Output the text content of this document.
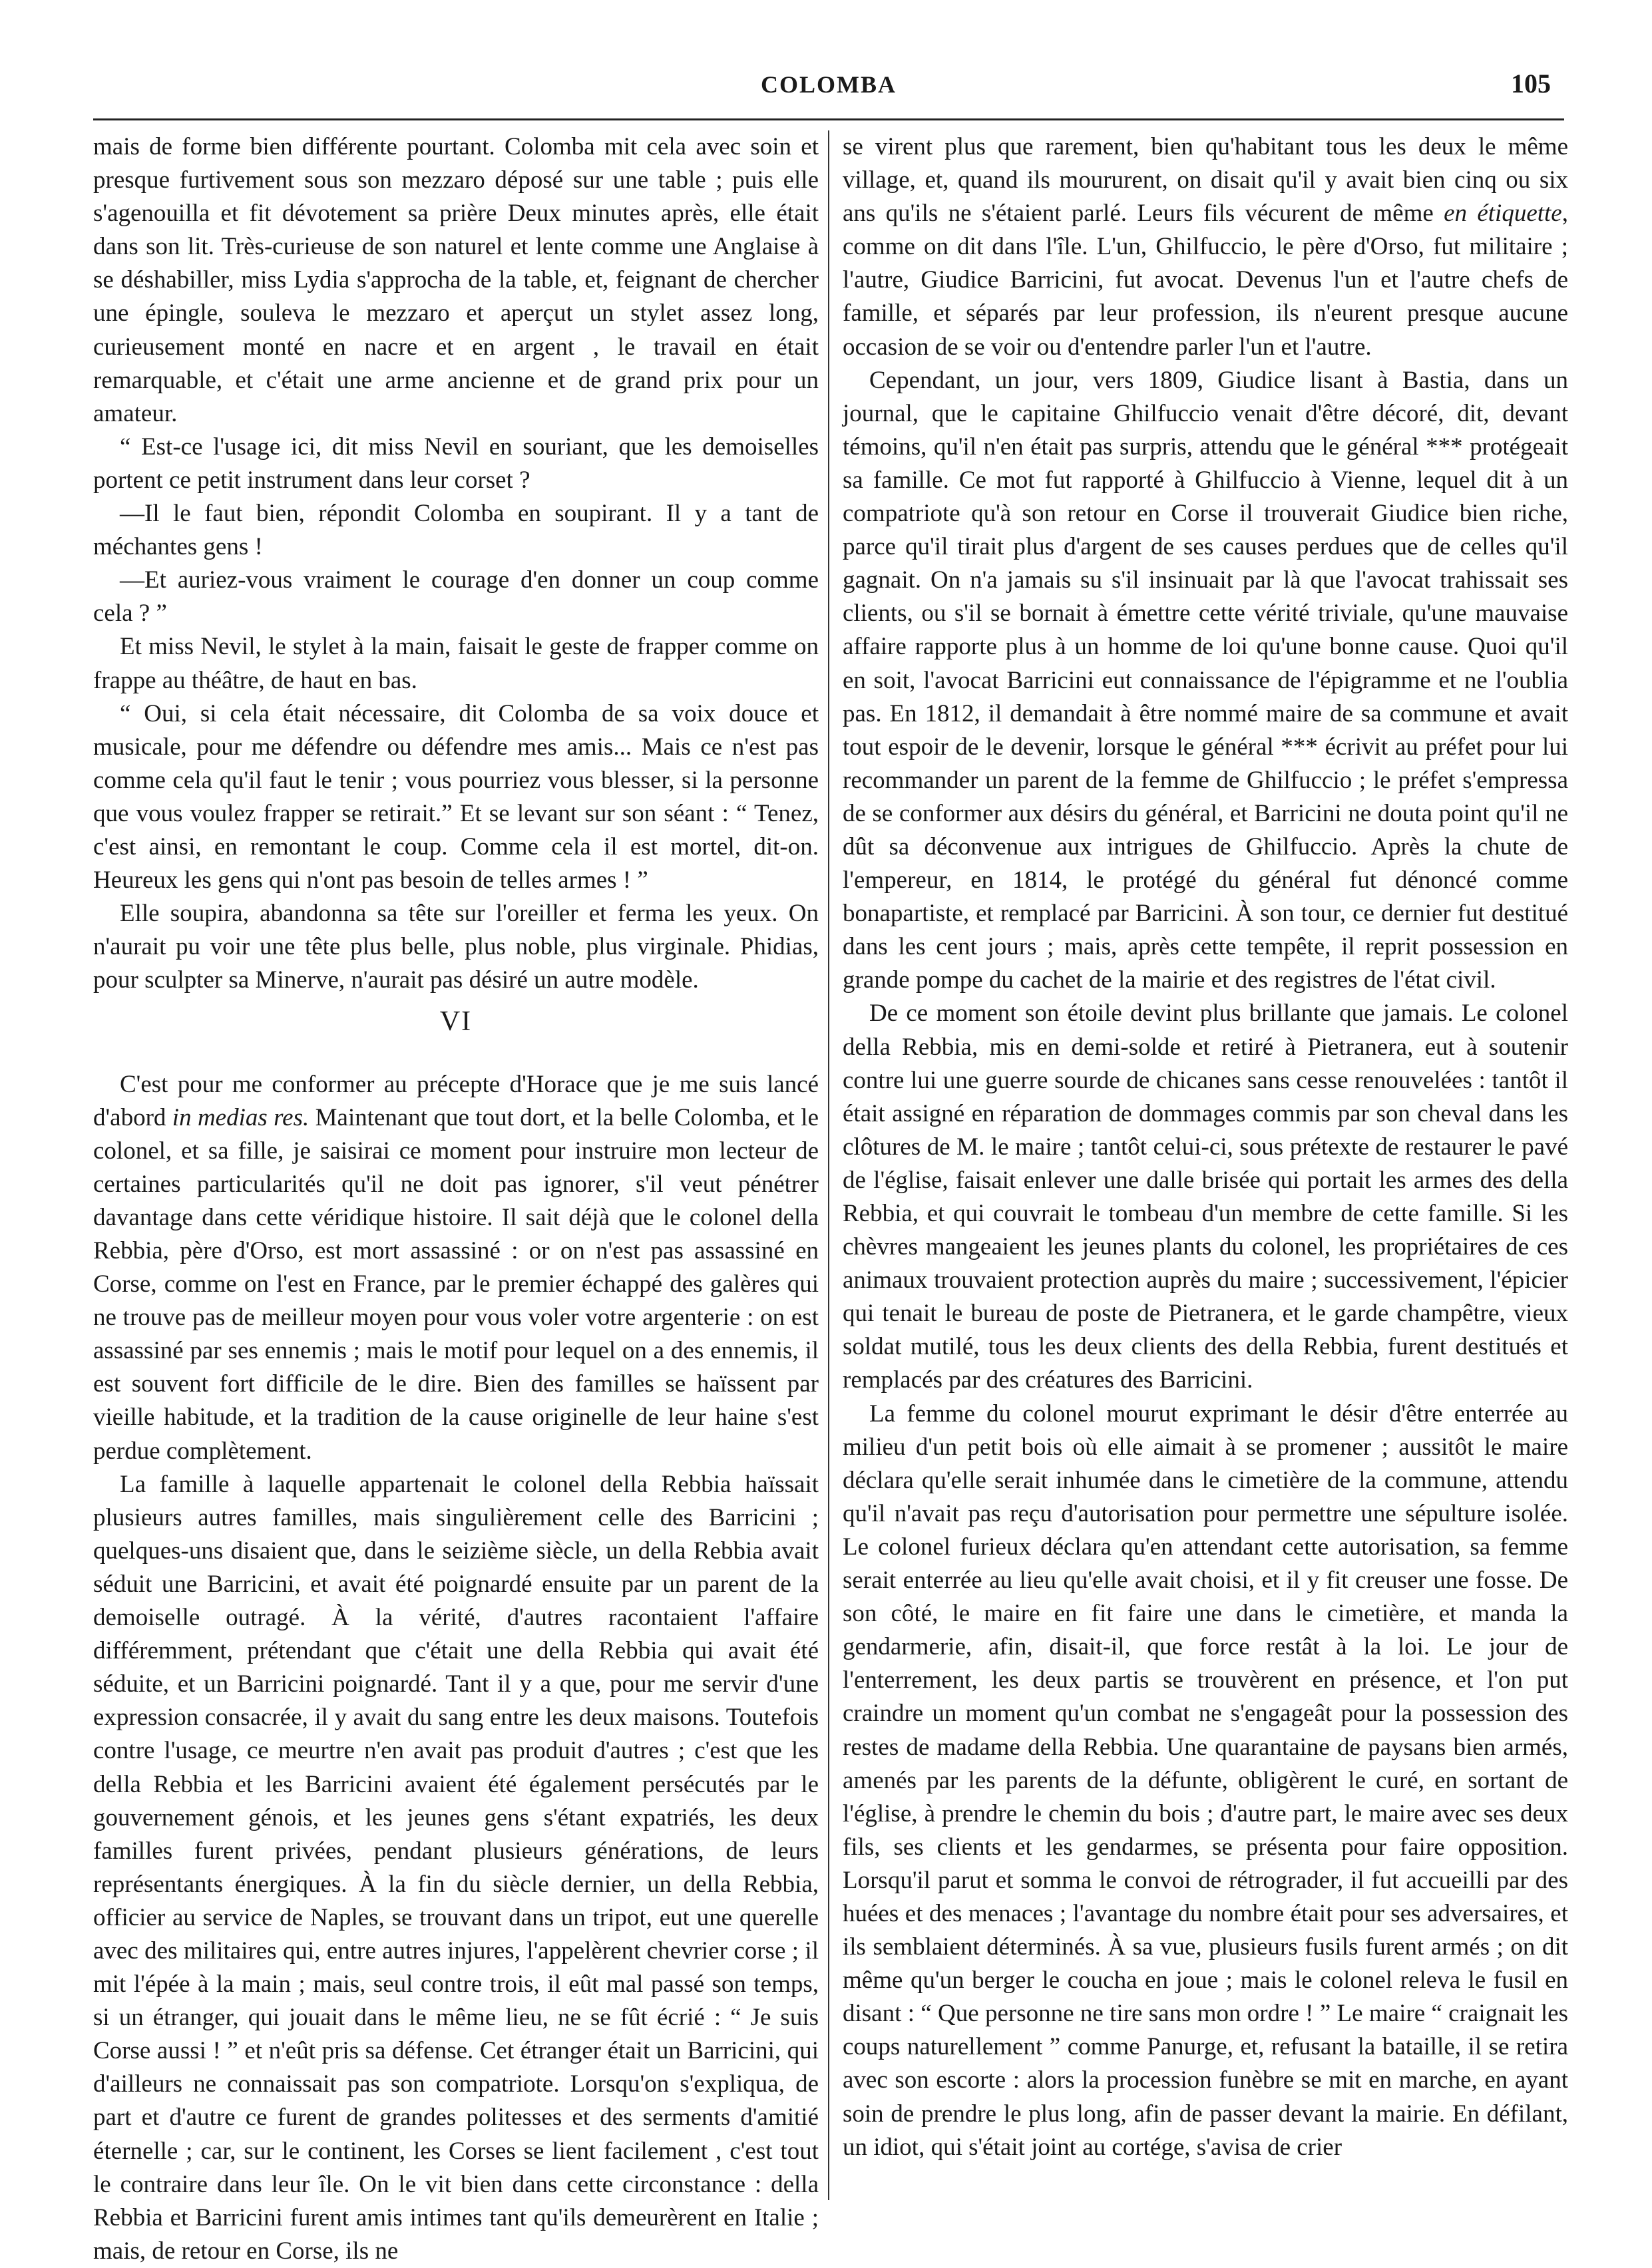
COLOMBA	105

mais de forme bien différente pourtant. Colomba mit cela avec soin et presque furtivement sous son mezzaro déposé sur une table ; puis elle s'agenouilla et fit dévotement sa prière Deux minutes après, elle était dans son lit. Très-curieuse de son naturel et lente comme une Anglaise à se déshabiller, miss Lydia s'approcha de la table, et, feignant de chercher une épingle, souleva le mezzaro et aperçut un stylet assez long, curieusement monté en nacre et en argent , le travail en était remarquable, et c'était une arme ancienne et de grand prix pour un amateur.

“ Est-ce l'usage ici, dit miss Nevil en souriant, que les demoiselles portent ce petit instrument dans leur corset ?

—Il le faut bien, répondit Colomba en soupirant. Il y a tant de méchantes gens !

—Et auriez-vous vraiment le courage d'en donner un coup comme cela ? ”

Et miss Nevil, le stylet à la main, faisait le geste de frapper comme on frappe au théâtre, de haut en bas.

“ Oui, si cela était nécessaire, dit Colomba de sa voix douce et musicale, pour me défendre ou défendre mes amis... Mais ce n'est pas comme cela qu'il faut le tenir ; vous pourriez vous blesser, si la personne que vous voulez frapper se retirait.” Et se levant sur son séant : “ Tenez, c'est ainsi, en remontant le coup. Comme cela il est mortel, dit-on. Heureux les gens qui n'ont pas besoin de telles armes ! ”

Elle soupira, abandonna sa tête sur l'oreiller et ferma les yeux. On n'aurait pu voir une tête plus belle, plus noble, plus virginale. Phidias, pour sculpter sa Minerve, n'aurait pas désiré un autre modèle.

VI

C'est pour me conformer au précepte d'Horace que je me suis lancé d'abord in medias res. Maintenant que tout dort, et la belle Colomba, et le colonel, et sa fille, je saisirai ce moment pour instruire mon lecteur de certaines particularités qu'il ne doit pas ignorer, s'il veut pénétrer davantage dans cette véridique histoire. Il sait déjà que le colonel della Rebbia, père d'Orso, est mort assassiné : or on n'est pas assassiné en Corse, comme on l'est en France, par le premier échappé des galères qui ne trouve pas de meilleur moyen pour vous voler votre argenterie : on est assassiné par ses ennemis ; mais le motif pour lequel on a des ennemis, il est souvent fort difficile de le dire. Bien des familles se haïssent par vieille habitude, et la tradition de la cause originelle de leur haine s'est perdue complètement.

La famille à laquelle appartenait le colonel della Rebbia haïssait plusieurs autres familles, mais singulièrement celle des Barricini ; quelques-uns disaient que, dans le seizième siècle, un della Rebbia avait séduit une Barricini, et avait été poignardé ensuite par un parent de la demoiselle outragé. À la vérité, d'autres racontaient l'affaire différemment, prétendant que c'était une della Rebbia qui avait été séduite, et un Barricini poignardé. Tant il y a que, pour me servir d'une expression consacrée, il y avait du sang entre les deux maisons. Toutefois contre l'usage, ce meurtre n'en avait pas produit d'autres ; c'est que les della Rebbia et les Barricini avaient été également persécutés par le gouvernement génois, et les jeunes gens s'étant expatriés, les deux familles furent privées, pendant plusieurs générations, de leurs représentants énergiques. À la fin du siècle dernier, un della Rebbia, officier au service de Naples, se trouvant dans un tripot, eut une querelle avec des militaires qui, entre autres injures, l'appelèrent chevrier corse ; il mit l'épée à la main ; mais, seul contre trois, il eût mal passé son temps, si un étranger, qui jouait dans le même lieu, ne se fût écrié : “ Je suis Corse aussi ! ” et n'eût pris sa défense. Cet étranger était un Barricini, qui d'ailleurs ne connaissait pas son compatriote. Lorsqu'on s'expliqua, de part et d'autre ce furent de grandes politesses et des serments d'amitié éternelle ; car, sur le continent, les Corses se lient facilement , c'est tout le contraire dans leur île. On le vit bien dans cette circonstance : della Rebbia et Barricini furent amis intimes tant qu'ils demeurèrent en Italie ; mais, de retour en Corse, ils ne

se virent plus que rarement, bien qu'habitant tous les deux le même village, et, quand ils moururent, on disait qu'il y avait bien cinq ou six ans qu'ils ne s'étaient parlé. Leurs fils vécurent de même en étiquette, comme on dit dans l'île. L'un, Ghilfuccio, le père d'Orso, fut militaire ; l'autre, Giudice Barricini, fut avocat. Devenus l'un et l'autre chefs de famille, et séparés par leur profession, ils n'eurent presque aucune occasion de se voir ou d'entendre parler l'un et l'autre.

Cependant, un jour, vers 1809, Giudice lisant à Bastia, dans un journal, que le capitaine Ghilfuccio venait d'être décoré, dit, devant témoins, qu'il n'en était pas surpris, attendu que le général *** protégeait sa famille. Ce mot fut rapporté à Ghilfuccio à Vienne, lequel dit à un compatriote qu'à son retour en Corse il trouverait Giudice bien riche, parce qu'il tirait plus d'argent de ses causes perdues que de celles qu'il gagnait. On n'a jamais su s'il insinuait par là que l'avocat trahissait ses clients, ou s'il se bornait à émettre cette vérité triviale, qu'une mauvaise affaire rapporte plus à un homme de loi qu'une bonne cause. Quoi qu'il en soit, l'avocat Barricini eut connaissance de l'épigramme et ne l'oublia pas. En 1812, il demandait à être nommé maire de sa commune et avait tout espoir de le devenir, lorsque le général *** écrivit au préfet pour lui recommander un parent de la femme de Ghilfuccio ; le préfet s'empressa de se conformer aux désirs du général, et Barricini ne douta point qu'il ne dût sa déconvenue aux intrigues de Ghilfuccio. Après la chute de l'empereur, en 1814, le protégé du général fut dénoncé comme bonapartiste, et remplacé par Barricini. À son tour, ce dernier fut destitué dans les cent jours ; mais, après cette tempête, il reprit possession en grande pompe du cachet de la mairie et des registres de l'état civil.

De ce moment son étoile devint plus brillante que jamais. Le colonel della Rebbia, mis en demi-solde et retiré à Pietranera, eut à soutenir contre lui une guerre sourde de chicanes sans cesse renouvelées : tantôt il était assigné en réparation de dommages commis par son cheval dans les clôtures de M. le maire ; tantôt celui-ci, sous prétexte de restaurer le pavé de l'église, faisait enlever une dalle brisée qui portait les armes des della Rebbia, et qui couvrait le tombeau d'un membre de cette famille. Si les chèvres mangeaient les jeunes plants du colonel, les propriétaires de ces animaux trouvaient protection auprès du maire ; successivement, l'épicier qui tenait le bureau de poste de Pietranera, et le garde champêtre, vieux soldat mutilé, tous les deux clients des della Rebbia, furent destitués et remplacés par des créatures des Barricini.

La femme du colonel mourut exprimant le désir d'être enterrée au milieu d'un petit bois où elle aimait à se promener ; aussitôt le maire déclara qu'elle serait inhumée dans le cimetière de la commune, attendu qu'il n'avait pas reçu d'autorisation pour permettre une sépulture isolée. Le colonel furieux déclara qu'en attendant cette autorisation, sa femme serait enterrée au lieu qu'elle avait choisi, et il y fit creuser une fosse. De son côté, le maire en fit faire une dans le cimetière, et manda la gendarmerie, afin, disait-il, que force restât à la loi. Le jour de l'enterrement, les deux partis se trouvèrent en présence, et l'on put craindre un moment qu'un combat ne s'engageât pour la possession des restes de madame della Rebbia. Une quarantaine de paysans bien armés, amenés par les parents de la défunte, obligèrent le curé, en sortant de l'église, à prendre le chemin du bois ; d'autre part, le maire avec ses deux fils, ses clients et les gendarmes, se présenta pour faire opposition. Lorsqu'il parut et somma le convoi de rétrograder, il fut accueilli par des huées et des menaces ; l'avantage du nombre était pour ses adversaires, et ils semblaient déterminés. À sa vue, plusieurs fusils furent armés ; on dit même qu'un berger le coucha en joue ; mais le colonel releva le fusil en disant : “ Que personne ne tire sans mon ordre ! ” Le maire “ craignait les coups naturellement ” comme Panurge, et, refusant la bataille, il se retira avec son escorte : alors la procession funèbre se mit en marche, en ayant soin de prendre le plus long, afin de passer devant la mairie. En défilant, un idiot, qui s'était joint au cortége, s'avisa de crier
